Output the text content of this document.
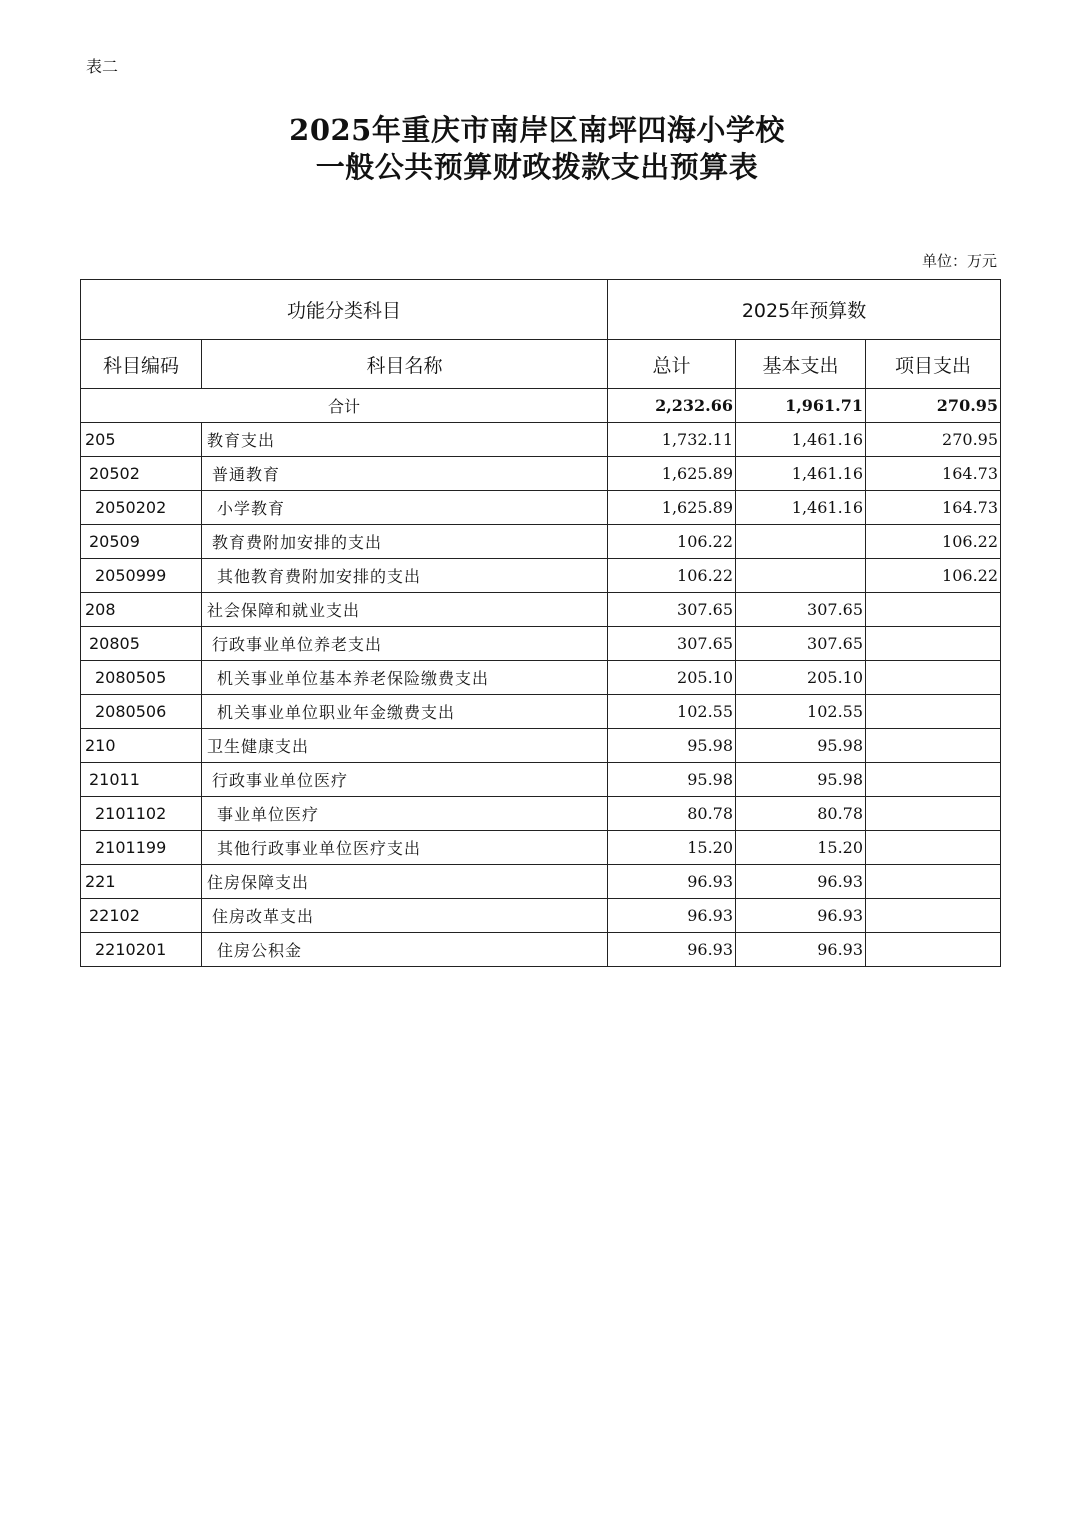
表二
2025年重庆市南岸区南坪四海小学校
一般公共预算财政拨款支出预算表
单位：万元
功能分类科目		2025年预算数		
科目编码	科目名称	总计	基本支出	项目支出
合计		2,232.66	1,961.71	270.95
205	教育支出	1,732.11	1,461.16	270.95
20502	普通教育	1,625.89	1,461.16	164.73
2050202	小学教育	1,625.89	1,461.16	164.73
20509	教育费附加安排的支出	106.22		106.22
2050999	其他教育费附加安排的支出	106.22		106.22
208	社会保障和就业支出	307.65	307.65	
20805	行政事业单位养老支出	307.65	307.65	
2080505	机关事业单位基本养老保险缴费支出	205.10	205.10	
2080506	机关事业单位职业年金缴费支出	102.55	102.55	
210	卫生健康支出	95.98	95.98	
21011	行政事业单位医疗	95.98	95.98	
2101102	事业单位医疗	80.78	80.78	
2101199	其他行政事业单位医疗支出	15.20	15.20	
221	住房保障支出	96.93	96.93	
22102	住房改革支出	96.93	96.93	
2210201	住房公积金	96.93	96.93	
